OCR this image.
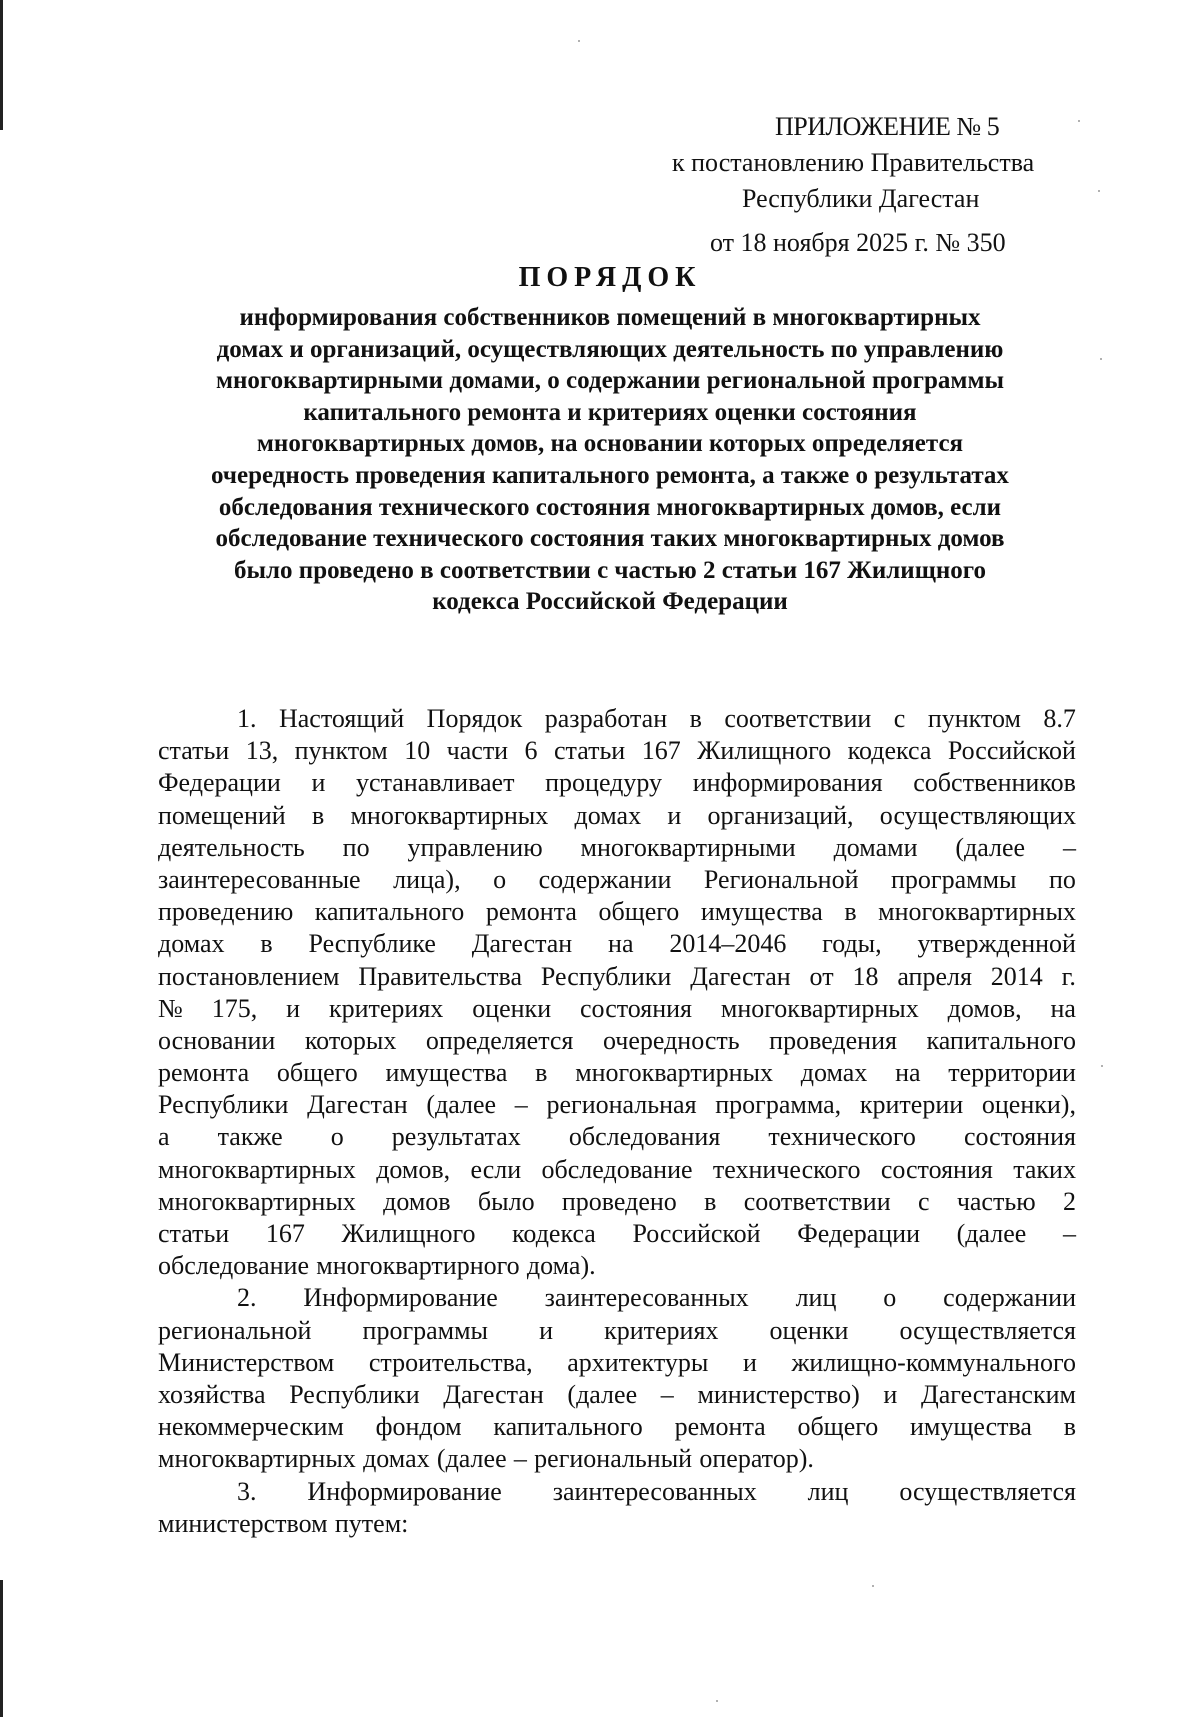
ПРИЛОЖЕНИЕ № 5
к постановлению Правительства
Республики Дагестан
от 18 ноября 2025 г. № 350
ПОРЯДОК
информирования собственников помещений в многоквартирных
домах и организаций, осуществляющих деятельность по управлению
многоквартирными домами, о содержании региональной программы
капитального ремонта и критериях оценки состояния
многоквартирных домов, на основании которых определяется
очередность проведения капитального ремонта, а также о результатах
обследования технического состояния многоквартирных домов, если
обследование технического состояния таких многоквартирных домов
было проведено в соответствии с частью 2 статьи 167 Жилищного
кодекса Российской Федерации
1. Настоящий Порядок разработан в соответствии с пунктом 8.7
статьи 13, пунктом 10 части 6 статьи 167 Жилищного кодекса Российской
Федерации и устанавливает процедуру информирования собственников
помещений в многоквартирных домах и организаций, осуществляющих
деятельность по управлению многоквартирными домами (далее –
заинтересованные лица), о содержании Региональной программы по
проведению капитального ремонта общего имущества в многоквартирных
домах в Республике Дагестан на 2014–2046 годы, утвержденной
постановлением Правительства Республики Дагестан от 18 апреля 2014 г.
№ 175, и критериях оценки состояния многоквартирных домов, на
основании которых определяется очередность проведения капитального
ремонта общего имущества в многоквартирных домах на территории
Республики Дагестан (далее – региональная программа, критерии оценки),
а также о результатах обследования технического состояния
многоквартирных домов, если обследование технического состояния таких
многоквартирных домов было проведено в соответствии с частью 2
статьи 167 Жилищного кодекса Российской Федерации (далее –
обследование многоквартирного дома).
2. Информирование заинтересованных лиц о содержании
региональной программы и критериях оценки осуществляется
Министерством строительства, архитектуры и жилищно-коммунального
хозяйства Республики Дагестан (далее – министерство) и Дагестанским
некоммерческим фондом капитального ремонта общего имущества в
многоквартирных домах (далее – региональный оператор).
3. Информирование заинтересованных лиц осуществляется
министерством путем:
